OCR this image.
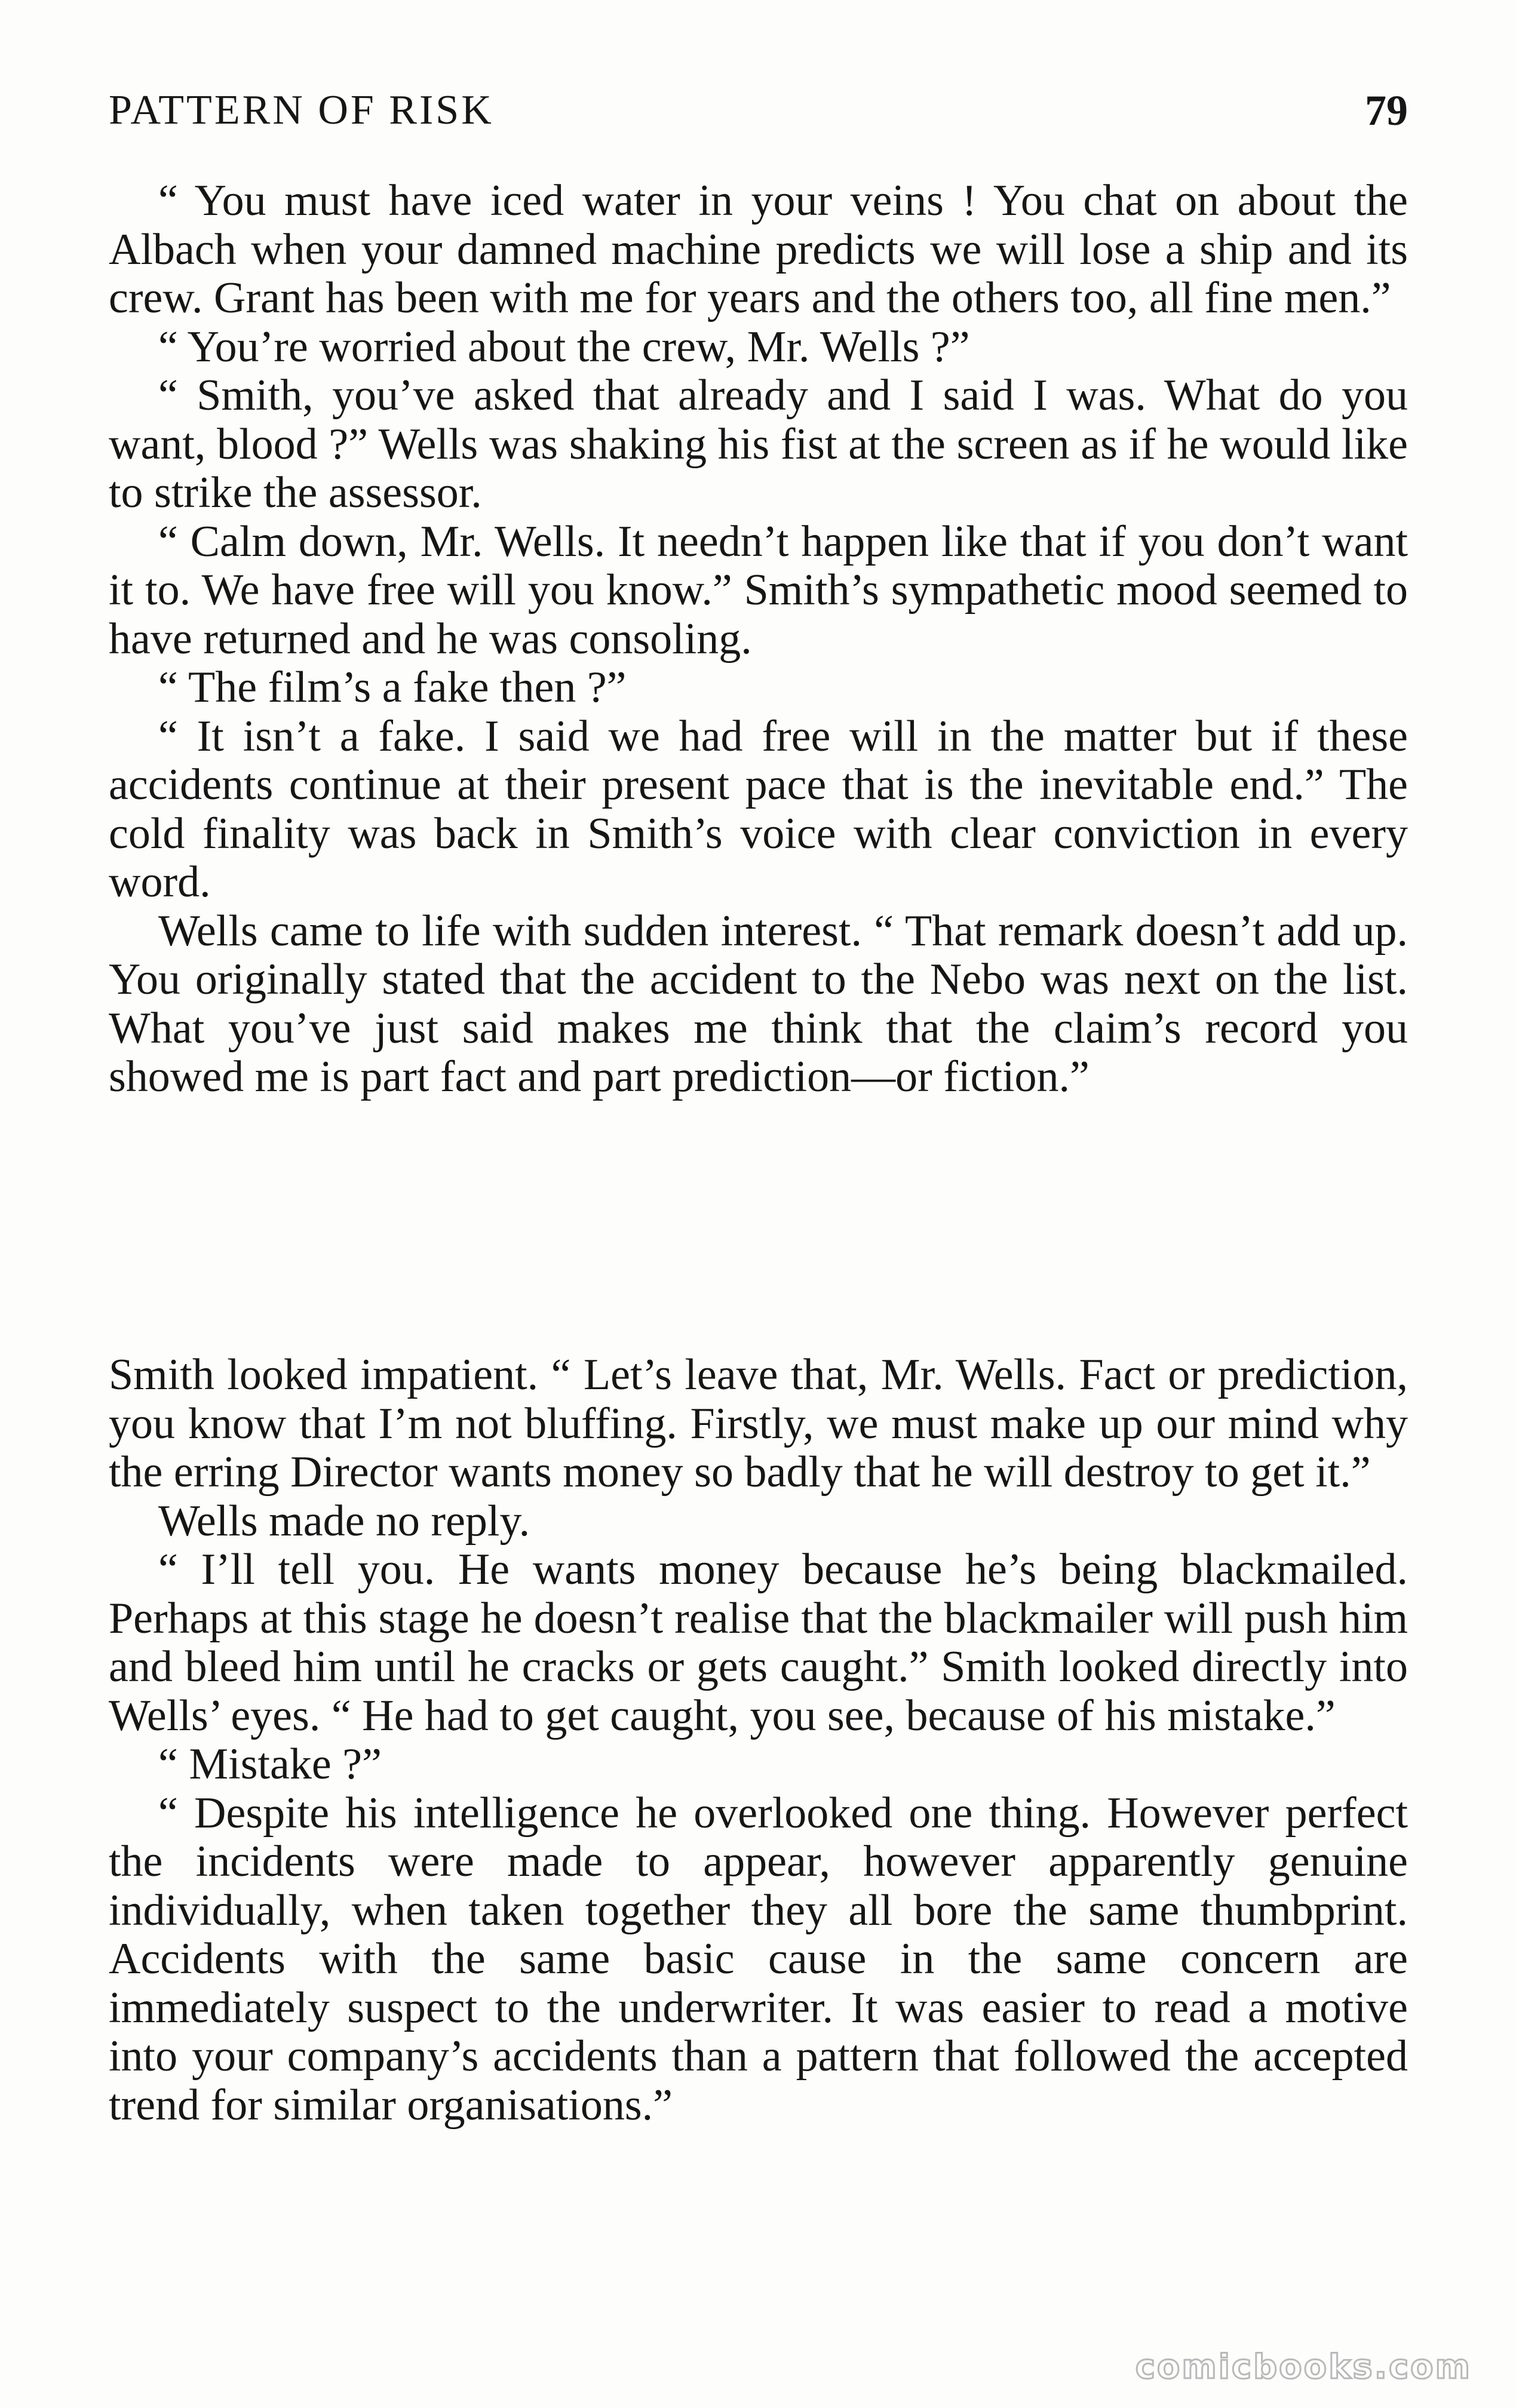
PATTERN OF RISK	79

“ You must have iced water in your veins ! You chat on about the Albach when your damned machine predicts we will lose a ship and its crew. Grant has been with me for years and the others too, all fine men.”

“ You’re worried about the crew, Mr. Wells ?”

“ Smith, you’ve asked that already and I said I was. What do you want, blood ?” Wells was shaking his fist at the screen as if he would like to strike the assessor.

“ Calm down, Mr. Wells. It needn’t happen like that if you don’t want it to. We have free will you know.” Smith’s sympathetic mood seemed to have returned and he was consoling.

“ The film’s a fake then ?”

“ It isn’t a fake. I said we had free will in the matter but if these accidents continue at their present pace that is the inevitable end.” The cold finality was back in Smith’s voice with clear conviction in every word.

Wells came to life with sudden interest. “ That remark doesn’t add up. You originally stated that the accident to the Nebo was next on the list. What you’ve just said makes me think that the claim’s record you showed me is part fact and part prediction—or fiction.”

Smith looked impatient. “ Let’s leave that, Mr. Wells. Fact or prediction, you know that I’m not bluffing. Firstly, we must make up our mind why the erring Director wants money so badly that he will destroy to get it.”

Wells made no reply.

“ I’ll tell you. He wants money because he’s being blackmailed. Perhaps at this stage he doesn’t realise that the blackmailer will push him and bleed him until he cracks or gets caught.” Smith looked directly into Wells’ eyes. “ He had to get caught, you see, because of his mistake.”

“ Mistake ?”

“ Despite his intelligence he overlooked one thing. However perfect the incidents were made to appear, however apparently genuine individually, when taken together they all bore the same thumbprint. Accidents with the same basic cause in the same concern are immediately suspect to the underwriter. It was easier to read a motive into your company’s accidents than a pattern that followed the accepted trend for similar organisations.”

comicbooks.com
